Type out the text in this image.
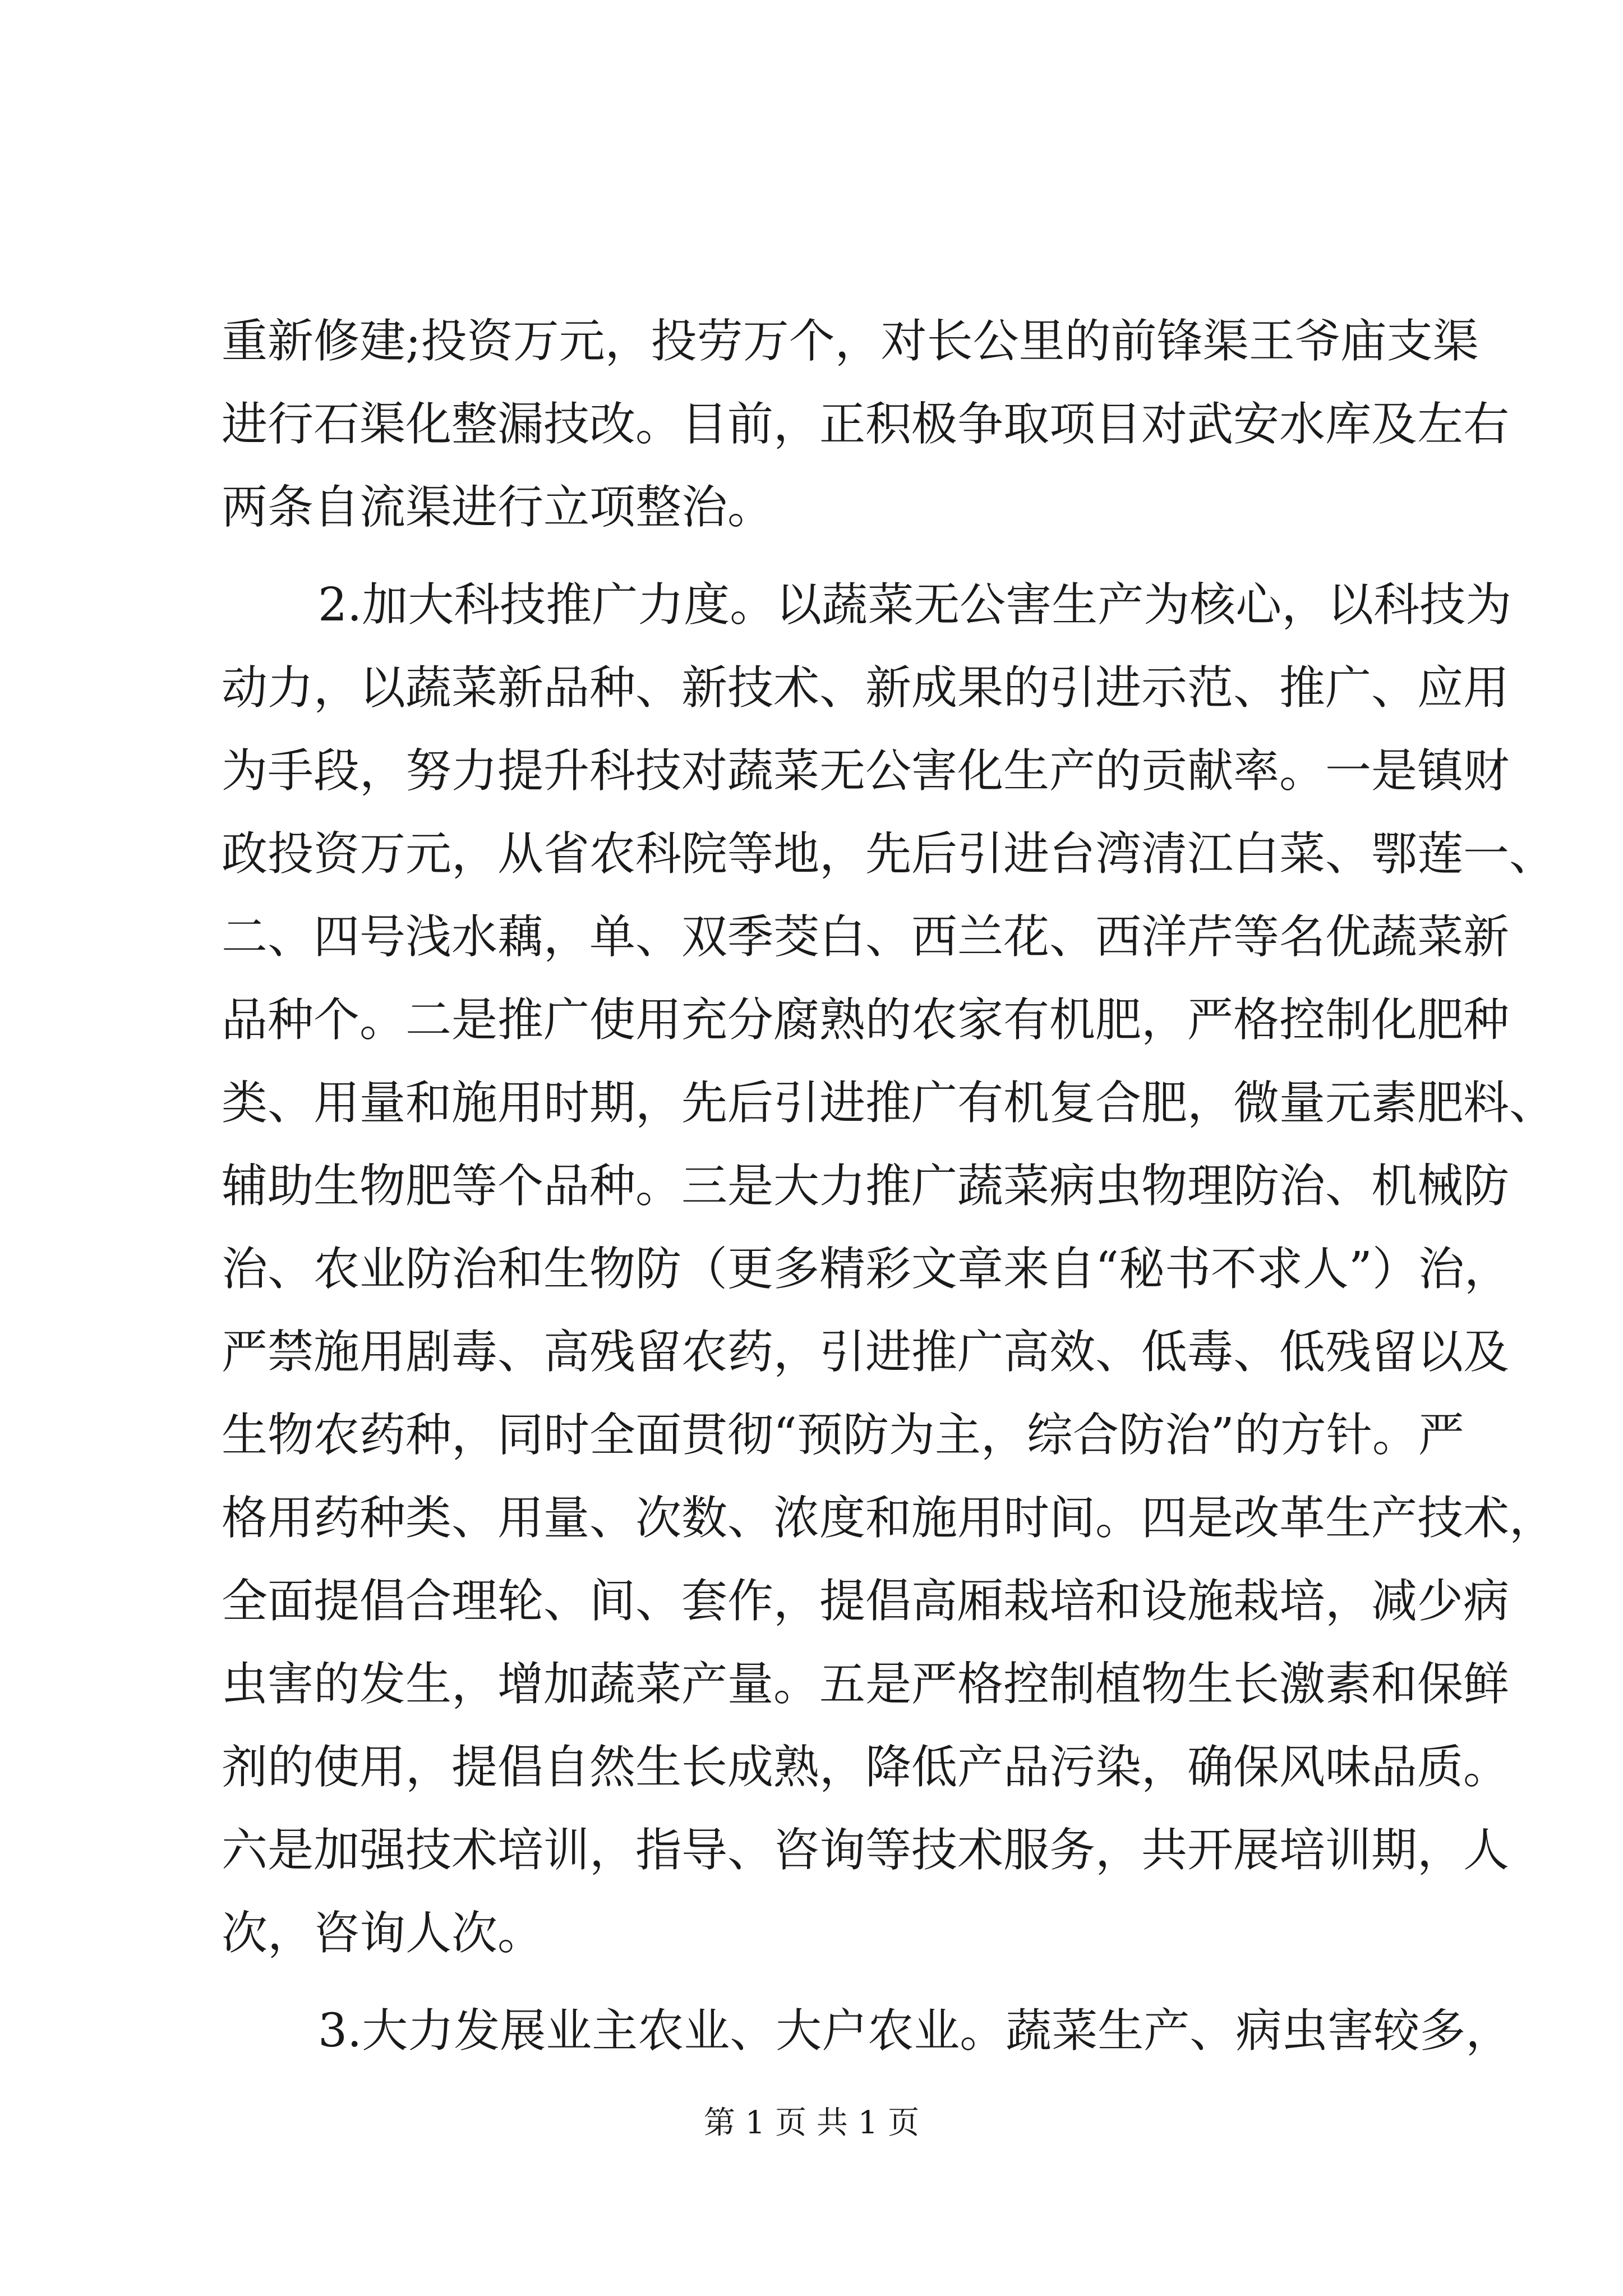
重新修建;投资万元，投劳万个，对长公里的前锋渠王爷庙支渠
进行石渠化整漏技改。目前，正积极争取项目对武安水库及左右
两条自流渠进行立项整治。
2.加大科技推广力度。以蔬菜无公害生产为核心，以科技为
动力，以蔬菜新品种、新技术、新成果的引进示范、推广、应用
为手段，努力提升科技对蔬菜无公害化生产的贡献率。一是镇财
政投资万元，从省农科院等地，先后引进台湾清江白菜、鄂莲一、
二、四号浅水藕，单、双季茭白、西兰花、西洋芹等名优蔬菜新
品种个。二是推广使用充分腐熟的农家有机肥，严格控制化肥种
类、用量和施用时期，先后引进推广有机复合肥，微量元素肥料、
辅助生物肥等个品种。三是大力推广蔬菜病虫物理防治、机械防
治、农业防治和生物防（更多精彩文章来自“秘书不求人”）治，
严禁施用剧毒、高残留农药，引进推广高效、低毒、低残留以及
生物农药种，同时全面贯彻“预防为主，综合防治”的方针。严
格用药种类、用量、次数、浓度和施用时间。四是改革生产技术，
全面提倡合理轮、间、套作，提倡高厢栽培和设施栽培，减少病
虫害的发生，增加蔬菜产量。五是严格控制植物生长激素和保鲜
剂的使用，提倡自然生长成熟，降低产品污染，确保风味品质。
六是加强技术培训，指导、咨询等技术服务，共开展培训期，人
次，咨询人次。
3.大力发展业主农业、大户农业。蔬菜生产、病虫害较多，
第 1 页 共 1 页
